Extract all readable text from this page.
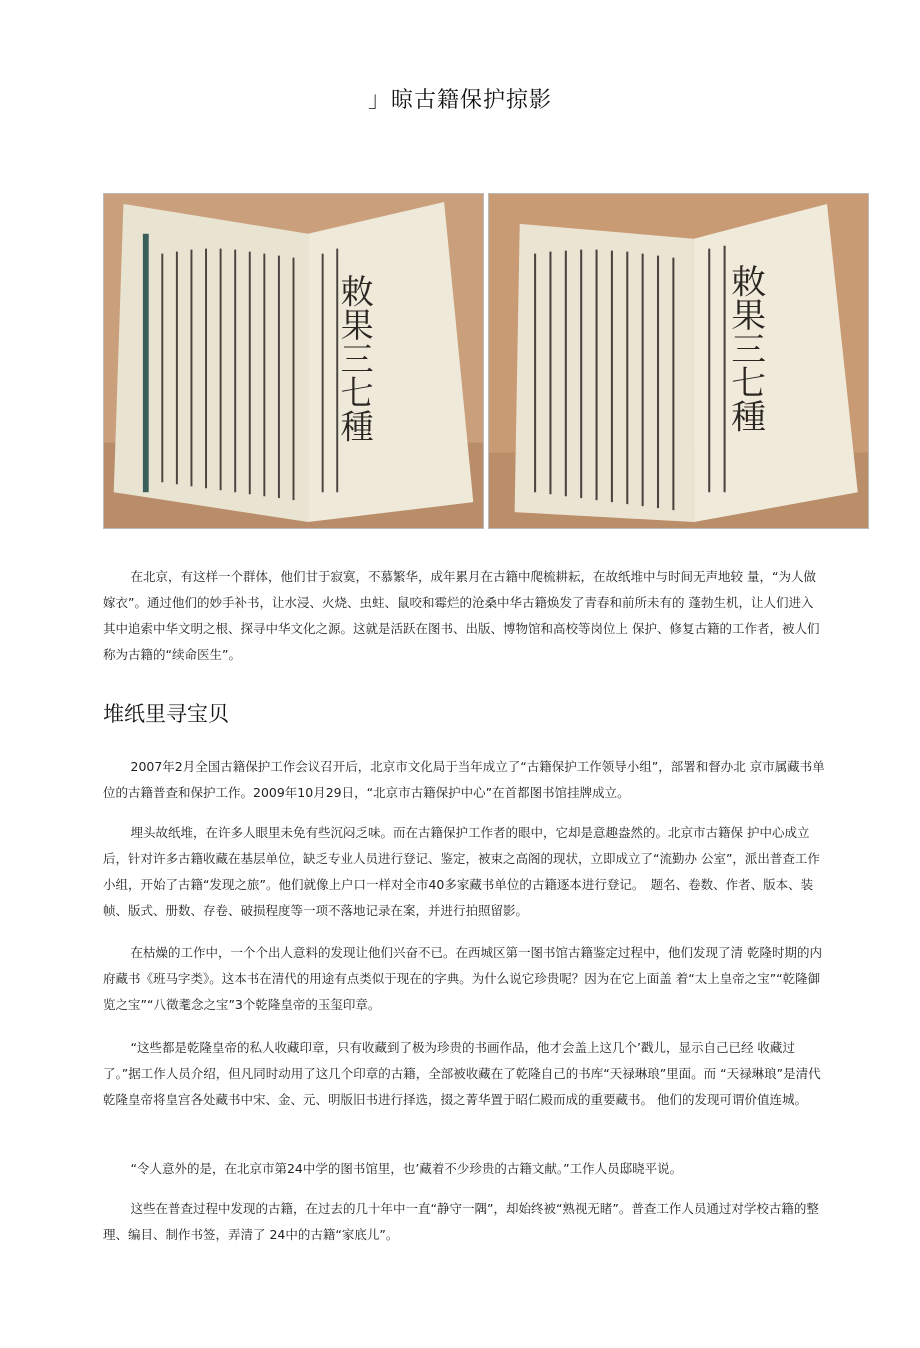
」晾古籍保护掠影
敕果三七種	敕果三七種

在北京，有这样一个群体，他们甘于寂寞，不慕繁华，成年累月在古籍中爬梳耕耘，在故纸堆中与时间无声地较 量，“为人做嫁衣”。通过他们的妙手补书，让水浸、火烧、虫蛀、鼠咬和霉烂的沧桑中华古籍焕发了青春和前所未有的 蓬勃生机，让人们进入其中追索中华文明之根、探寻中华文化之源。这就是活跃在图书、出版、博物馆和高校等岗位上 保护、修复古籍的工作者，被人们称为古籍的“续命医生”。

堆纸里寻宝贝

2007年2月全国古籍保护工作会议召开后，北京市文化局于当年成立了“古籍保护工作领导小组”，部署和督办北 京市属藏书单位的古籍普查和保护工作。2009年10月29日，“北京市古籍保护中心”在首都图书馆挂牌成立。

埋头故纸堆，在许多人眼里未免有些沉闷乏味。而在古籍保护工作者的眼中，它却是意趣盎然的。北京市古籍保 护中心成立后，针对许多古籍收藏在基层单位，缺乏专业人员进行登记、鉴定，被束之高阁的现状，立即成立了“流勤办 公室”，派出普查工作小组，开始了古籍“发现之旅”。他们就像上户口一样对全市40多家藏书单位的古籍逐本进行登记。　题名、卷数、作者、版本、装帧、版式、册数、存卷、破损程度等一项不落地记录在案，并进行拍照留影。

在枯燥的工作中，一个个出人意料的发现让他们兴奋不已。在西城区第一图书馆古籍鉴定过程中，他们发现了清 乾隆时期的内府藏书《班马字类》。这本书在清代的用途有点类似于现在的字典。为什么说它珍贵呢？因为在它上面盖 着“太上皇帝之宝”“乾隆御览之宝”“八徵耄念之宝”3个乾隆皇帝的玉玺印章。

“这些都是乾隆皇帝的私人收藏印章，只有收藏到了极为珍贵的书画作品，他才会盖上这几个’戳儿，显示自己已经 收藏过了。”据工作人员介绍，但凡同时动用了这几个印章的古籍，全部被收藏在了乾隆自己的书库“天禄琳琅”里面。而 “天禄琳琅”是清代乾隆皇帝将皇宫各处藏书中宋、金、元、明版旧书进行择选，掇之菁华置于昭仁殿而成的重要藏书。 他们的发现可谓价值连城。

“令人意外的是，在北京市第24中学的图书馆里，也’藏着不少珍贵的古籍文献。”工作人员邸晓平说。

这些在普查过程中发现的古籍，在过去的几十年中一直“静守一隅”，却始终被“熟视无睹”。普查工作人员通过对学校古籍的整理、编目、制作书签，弄清了 24中的古籍“家底儿”。
